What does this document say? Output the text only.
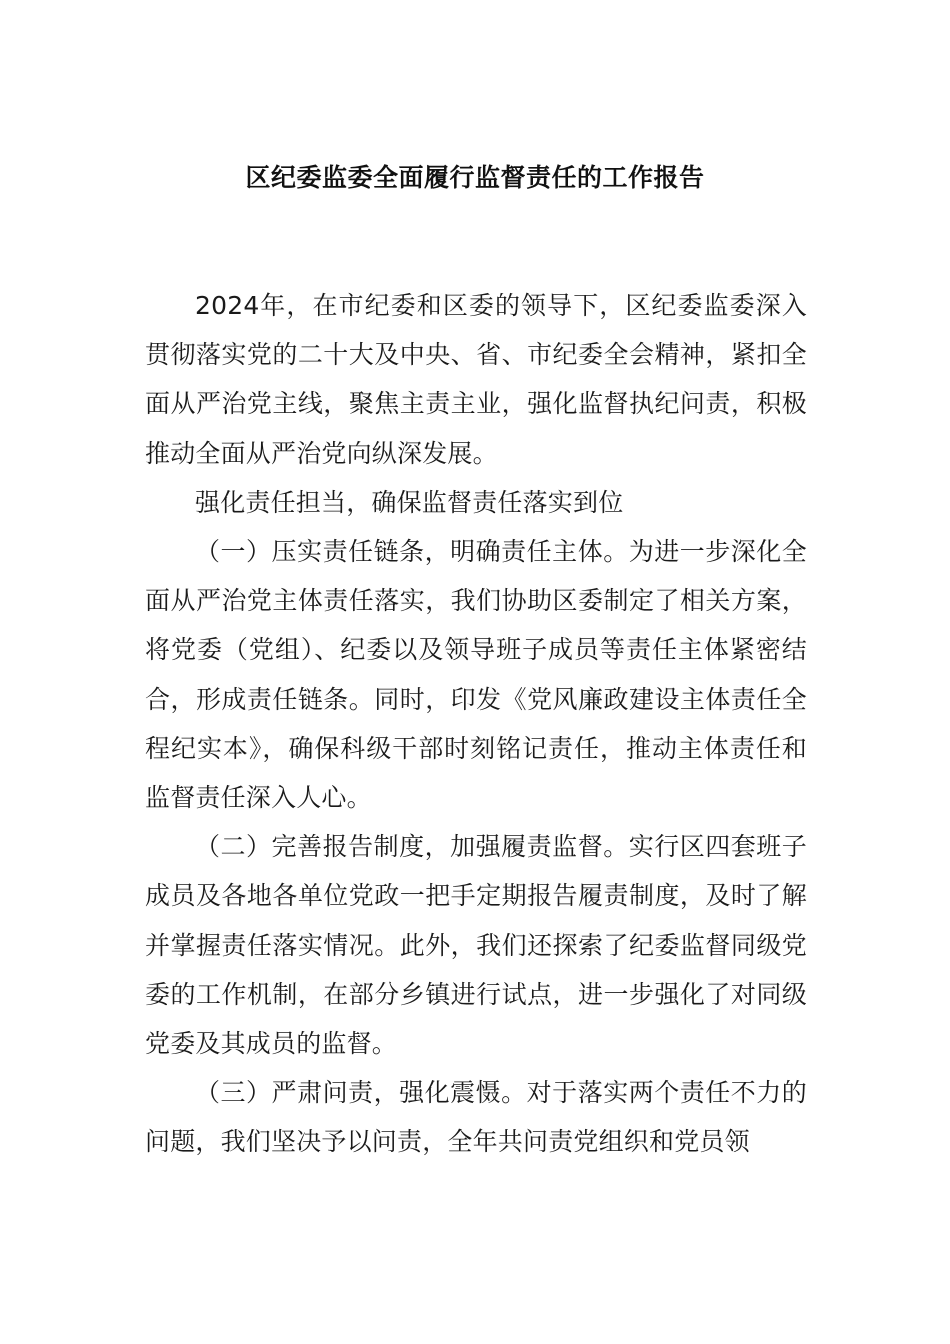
区纪委监委全面履行监督责任的工作报告

2024年，在市纪委和区委的领导下，区纪委监委深入贯彻落实党的二十大及中央、省、市纪委全会精神，紧扣全面从严治党主线，聚焦主责主业，强化监督执纪问责，积极推动全面从严治党向纵深发展。

强化责任担当，确保监督责任落实到位

（一）压实责任链条，明确责任主体。为进一步深化全面从严治党主体责任落实，我们协助区委制定了相关方案，将党委（党组）、纪委以及领导班子成员等责任主体紧密结合，形成责任链条。同时，印发《党风廉政建设主体责任全程纪实本》，确保科级干部时刻铭记责任，推动主体责任和监督责任深入人心。

（二）完善报告制度，加强履责监督。实行区四套班子成员及各地各单位党政一把手定期报告履责制度，及时了解并掌握责任落实情况。此外，我们还探索了纪委监督同级党委的工作机制，在部分乡镇进行试点，进一步强化了对同级党委及其成员的监督。

（三）严肃问责，强化震慑。对于落实两个责任不力的问题，我们坚决予以问责，全年共问责党组织和党员领
